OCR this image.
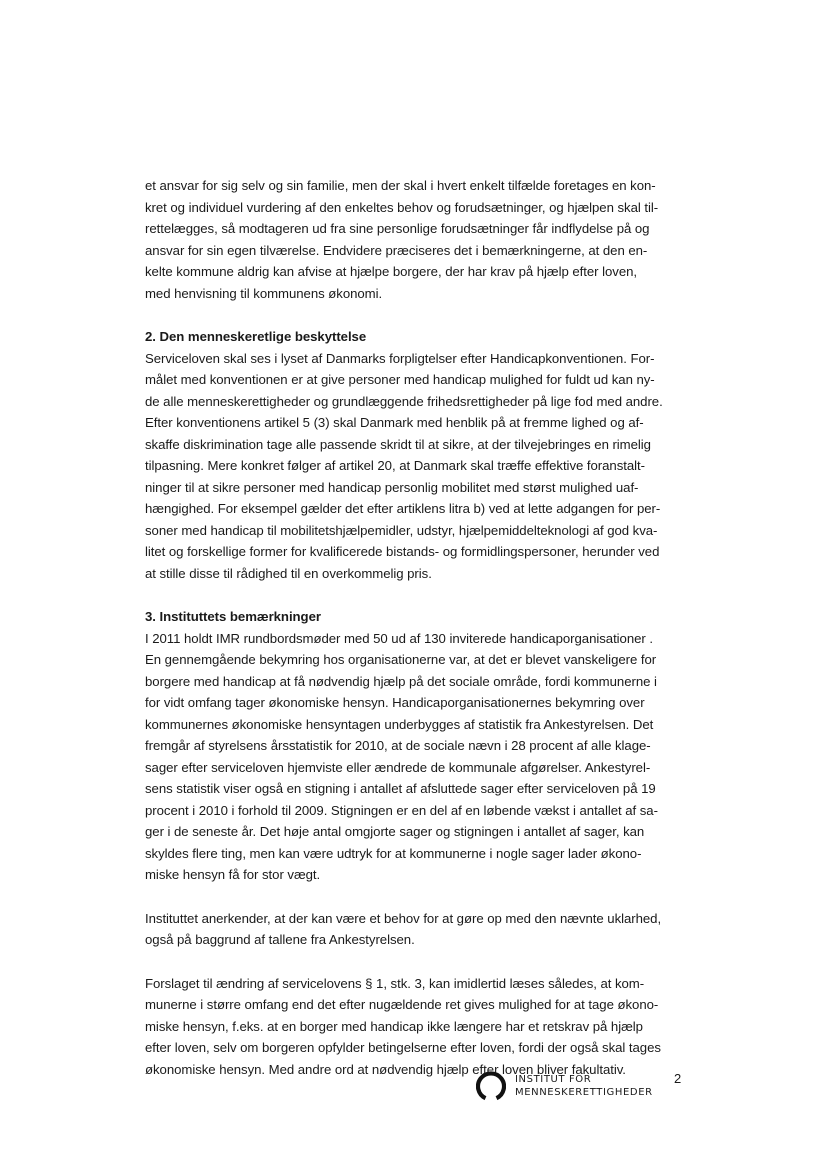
et ansvar for sig selv og sin familie, men der skal i hvert enkelt tilfælde foretages en kon-
kret og individuel vurdering af den enkeltes behov og forudsætninger, og hjælpen skal til-
rettelægges, så modtageren ud fra sine personlige forudsætninger får indflydelse på og
ansvar for sin egen tilværelse. Endvidere præciseres det i bemærkningerne, at den en-
kelte kommune aldrig kan afvise at hjælpe borgere, der har krav på hjælp efter loven,
med henvisning til kommunens økonomi.

2. Den menneskeretlige beskyttelse

Serviceloven skal ses i lyset af Danmarks forpligtelser efter Handicapkonventionen. For-
målet med konventionen er at give personer med handicap mulighed for fuldt ud kan ny-
de alle menneskerettigheder og grundlæggende frihedsrettigheder på lige fod med andre.
Efter konventionens artikel 5 (3) skal Danmark med henblik på at fremme lighed og af-
skaffe diskrimination tage alle passende skridt til at sikre, at der tilvejebringes en rimelig
tilpasning. Mere konkret følger af artikel 20, at Danmark skal træffe effektive foranstalt-
ninger til at sikre personer med handicap personlig mobilitet med størst mulighed uaf-
hængighed. For eksempel gælder det efter artiklens litra b) ved at lette adgangen for per-
soner med handicap til mobilitetshjælpemidler, udstyr, hjælpemiddelteknologi af god kva-
litet og forskellige former for kvalificerede bistands- og formidlingspersoner, herunder ved
at stille disse til rådighed til en overkommelig pris.

3. Instituttets bemærkninger

I 2011 holdt IMR rundbordsmøder med 50 ud af 130 inviterede handicaporganisationer .
En gennemgående bekymring hos organisationerne var, at det er blevet vanskeligere for
borgere med handicap at få nødvendig hjælp på det sociale område, fordi kommunerne i
for vidt omfang tager økonomiske hensyn. Handicaporganisationernes bekymring over
kommunernes økonomiske hensyntagen underbygges af statistik fra Ankestyrelsen. Det
fremgår af styrelsens årsstatistik for 2010, at de sociale nævn i 28 procent af alle klage-
sager efter serviceloven hjemviste eller ændrede de kommunale afgørelser. Ankestyrel-
sens statistik viser også en stigning i antallet af afsluttede sager efter serviceloven på 19
procent i 2010 i forhold til 2009. Stigningen er en del af en løbende vækst i antallet af sa-
ger i de seneste år. Det høje antal omgjorte sager og stigningen i antallet af sager, kan
skyldes flere ting, men kan være udtryk for at kommunerne i nogle sager lader økono-
miske hensyn få for stor vægt.

Instituttet anerkender, at der kan være et behov for at gøre op med den nævnte uklarhed,
også på baggrund af tallene fra Ankestyrelsen.

Forslaget til ændring af servicelovens § 1, stk. 3, kan imidlertid læses således, at kom-
munerne i større omfang end det efter nugældende ret gives mulighed for at tage økono-
miske hensyn, f.eks. at en borger med handicap ikke længere har et retskrav på hjælp
efter loven, selv om borgeren opfylder betingelserne efter loven, fordi der også skal tages
økonomiske hensyn. Med andre ord at nødvendig hjælp efter loven bliver fakultativ.

INSTITUT FOR
MENNESKERETTIGHEDER
2
